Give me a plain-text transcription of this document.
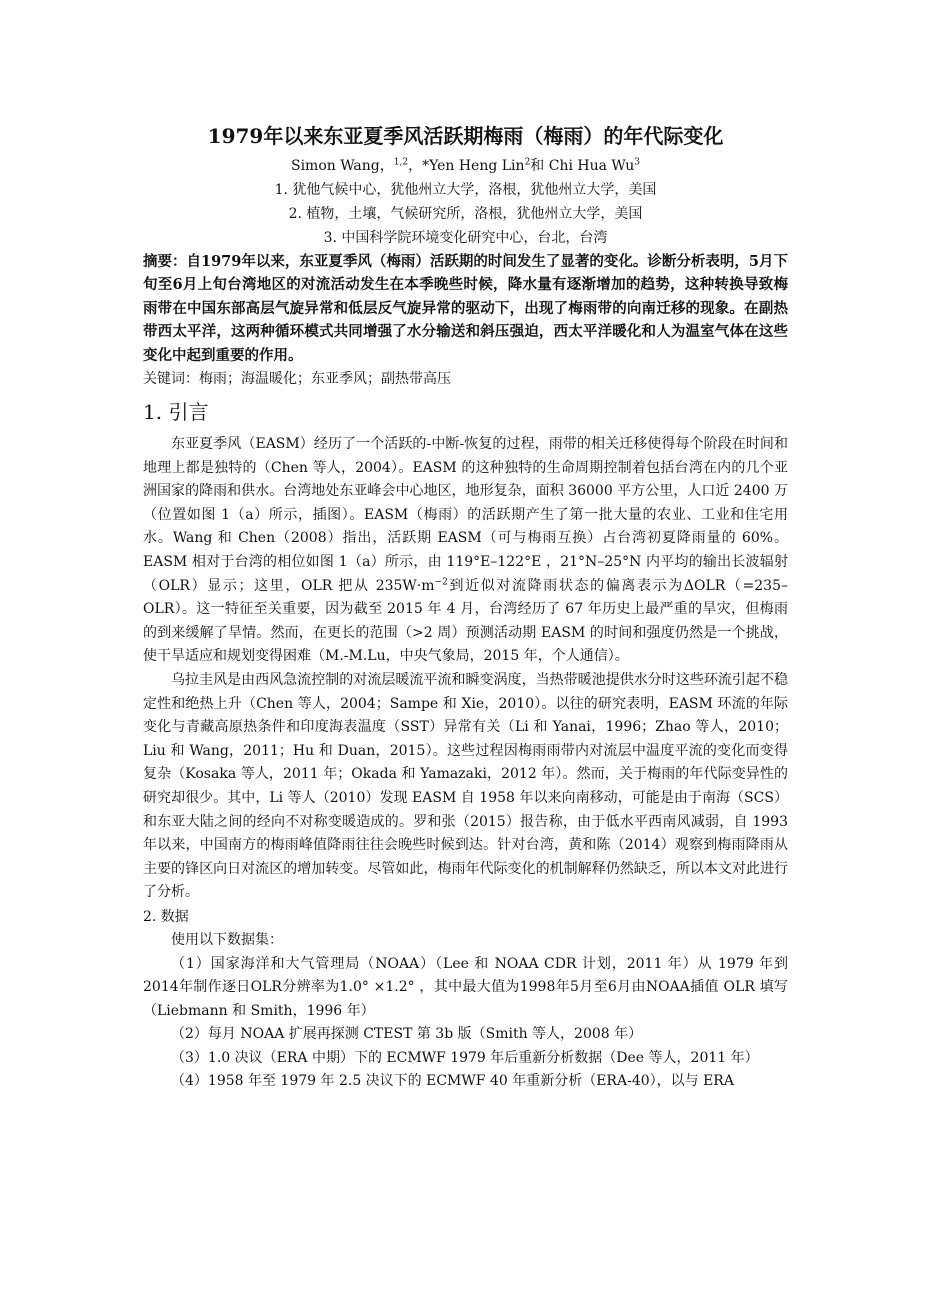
1979年以来东亚夏季风活跃期梅雨（梅雨）的年代际变化
Simon Wang，$^{1,2}$，*Yen Heng Lin$^2$和 Chi Hua Wu$^3$
1. 犹他气候中心，犹他州立大学，洛根，犹他州立大学，美国
2. 植物，土壤，气候研究所，洛根，犹他州立大学，美国
3. 中国科学院环境变化研究中心，台北，台湾
摘要：自1979年以来，东亚夏季风（梅雨）活跃期的时间发生了显著的变化。诊断分析表明，5月下旬至6月上旬台湾地区的对流活动发生在本季晚些时候，降水量有逐渐增加的趋势，这种转换导致梅雨带在中国东部高层气旋异常和低层反气旋异常的驱动下，出现了梅雨带的向南迁移的现象。在副热带西太平洋，这两种循环模式共同增强了水分输送和斜压强迫，西太平洋暖化和人为温室气体在这些变化中起到重要的作用。
关键词：梅雨；海温暖化；东亚季风；副热带高压
1. 引言

东亚夏季风（EASM）经历了一个活跃的-中断-恢复的过程，雨带的相关迁移使得每个阶段在时间和地理上都是独特的（Chen 等人，2004）。EASM 的这种独特的生命周期控制着包括台湾在内的几个亚洲国家的降雨和供水。台湾地处东亚峰会中心地区，地形复杂，面积 36000 平方公里，人口近 2400 万（位置如图 1（a）所示，插图）。EASM（梅雨）的活跃期产生了第一批大量的农业、工业和住宅用水。Wang 和 Chen（2008）指出，活跃期 EASM（可与梅雨互换）占台湾初夏降雨量的 60%。EASM 相对于台湾的相位如图 1（a）所示，由 119°E–122°E ，21°N–25°N 内平均的输出长波辐射（OLR）显示；这里，OLR 把从 $235W\cdot m^{-2}$到近似对流降雨状态的偏离表示为ΔOLR（=235–OLR）。这一特征至关重要，因为截至 2015 年 4 月，台湾经历了 67 年历史上最严重的旱灾，但梅雨的到来缓解了旱情。然而，在更长的范围（>2 周）预测活动期 EASM 的时间和强度仍然是一个挑战，使干旱适应和规划变得困难（M.-M.Lu，中央气象局，2015 年，个人通信）。

乌拉圭风是由西风急流控制的对流层暖流平流和瞬变涡度，当热带暖池提供水分时这些环流引起不稳定性和绝热上升（Chen 等人，2004；Sampe 和 Xie，2010）。以往的研究表明，EASM 环流的年际变化与青藏高原热条件和印度海表温度（SST）异常有关（Li 和 Yanai，1996；Zhao 等人，2010；Liu 和 Wang，2011；Hu 和 Duan，2015）。这些过程因梅雨雨带内对流层中温度平流的变化而变得复杂（Kosaka 等人，2011 年；Okada 和 Yamazaki，2012 年）。然而，关于梅雨的年代际变异性的研究却很少。其中，Li 等人（2010）发现 EASM 自 1958 年以来向南移动，可能是由于南海（SCS）和东亚大陆之间的经向不对称变暖造成的。罗和张（2015）报告称，由于低水平西南风减弱，自 1993 年以来，中国南方的梅雨峰值降雨往往会晚些时候到达。针对台湾，黄和陈（2014）观察到梅雨降雨从主要的锋区向日对流区的增加转变。尽管如此，梅雨年代际变化的机制解释仍然缺乏，所以本文对此进行了分析。

2. 数据

使用以下数据集：

（1）国家海洋和大气管理局（NOAA）（Lee 和 NOAA CDR 计划，2011 年）从 1979 年到2014年制作逐日OLR分辨率为1.0° ×1.2° ，其中最大值为1998年5月至6月由NOAA插值 OLR 填写（Liebmann 和 Smith，1996 年）

（2）每月 NOAA 扩展再探测 CTEST 第 3b 版（Smith 等人，2008 年）

（3）1.0 决议（ERA 中期）下的 ECMWF 1979 年后重新分析数据（Dee 等人，2011 年）

（4）1958 年至 1979 年 2.5 决议下的 ECMWF 40 年重新分析（ERA-40），以与 ERA
